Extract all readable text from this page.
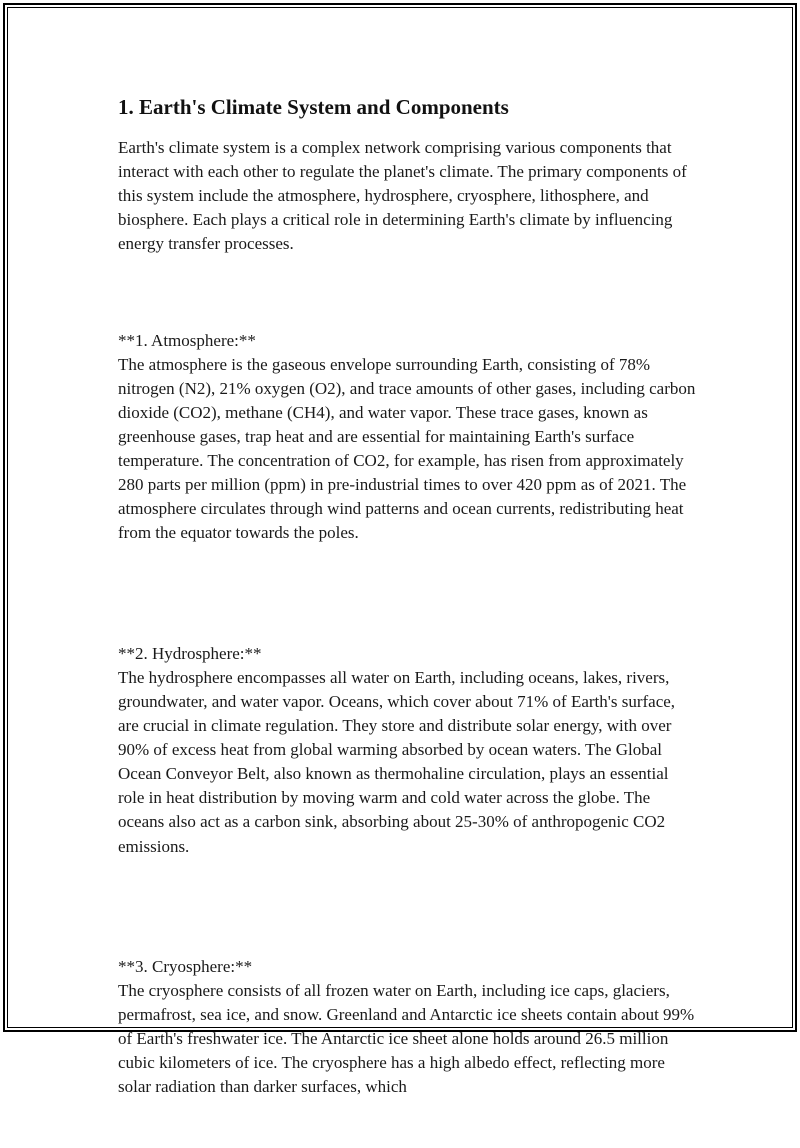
1. Earth's Climate System and Components

Earth's climate system is a complex network comprising various components that interact with each other to regulate the planet's climate. The primary components of this system include the atmosphere, hydrosphere, cryosphere, lithosphere, and biosphere. Each plays a critical role in determining Earth's climate by influencing energy transfer processes.

**1. Atmosphere:**
The atmosphere is the gaseous envelope surrounding Earth, consisting of 78% nitrogen (N2), 21% oxygen (O2), and trace amounts of other gases, including carbon dioxide (CO2), methane (CH4), and water vapor. These trace gases, known as greenhouse gases, trap heat and are essential for maintaining Earth's surface temperature. The concentration of CO2, for example, has risen from approximately 280 parts per million (ppm) in pre-industrial times to over 420 ppm as of 2021. The atmosphere circulates through wind patterns and ocean currents, redistributing heat from the equator towards the poles.

**2. Hydrosphere:**
The hydrosphere encompasses all water on Earth, including oceans, lakes, rivers, groundwater, and water vapor. Oceans, which cover about 71% of Earth's surface, are crucial in climate regulation. They store and distribute solar energy, with over 90% of excess heat from global warming absorbed by ocean waters. The Global Ocean Conveyor Belt, also known as thermohaline circulation, plays an essential role in heat distribution by moving warm and cold water across the globe. The oceans also act as a carbon sink, absorbing about 25-30% of anthropogenic CO2 emissions.

**3. Cryosphere:**
The cryosphere consists of all frozen water on Earth, including ice caps, glaciers, permafrost, sea ice, and snow. Greenland and Antarctic ice sheets contain about 99% of Earth's freshwater ice. The Antarctic ice sheet alone holds around 26.5 million cubic kilometers of ice. The cryosphere has a high albedo effect, reflecting more solar radiation than darker surfaces, which
